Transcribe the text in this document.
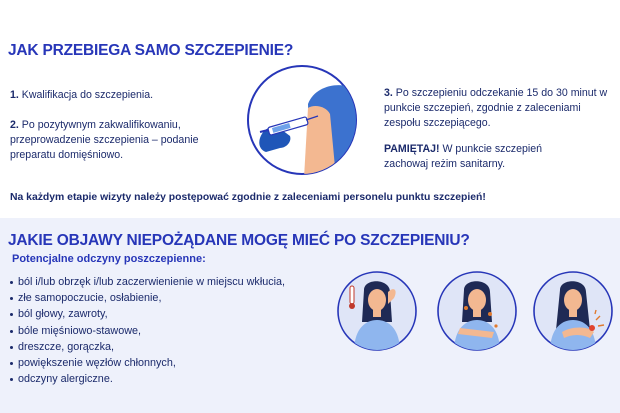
JAK PRZEBIEGA SAMO SZCZEPIENIE?
1. Kwalifikacja do szczepienia.
2. Po pozytywnym zakwalifikowaniu, przeprowadzenie szczepienia – podanie preparatu domięśniowo.
3. Po szczepieniu odczekanie 15 do 30 minut w punkcie szczepień, zgodnie z zaleceniami zespołu szczepiącego.
PAMIĘTAJ! W punkcie szczepień zachowaj reżim sanitarny.
Na każdym etapie wizyty należy postępować zgodnie z zaleceniami personelu punktu szczepień!
JAKIE OBJAWY NIEPOŻĄDANE MOGĘ MIEĆ PO SZCZEPIENIU?
Potencjalne odczyny poszczepienne:
ból i/lub obrzęk i/lub zaczerwienienie w miejscu wkłucia,
złe samopoczucie, osłabienie,
ból głowy, zawroty,
bóle mięśniowo-stawowe,
dreszcze, gorączka,
powiększenie węzłów chłonnych,
odczyny alergiczne.
